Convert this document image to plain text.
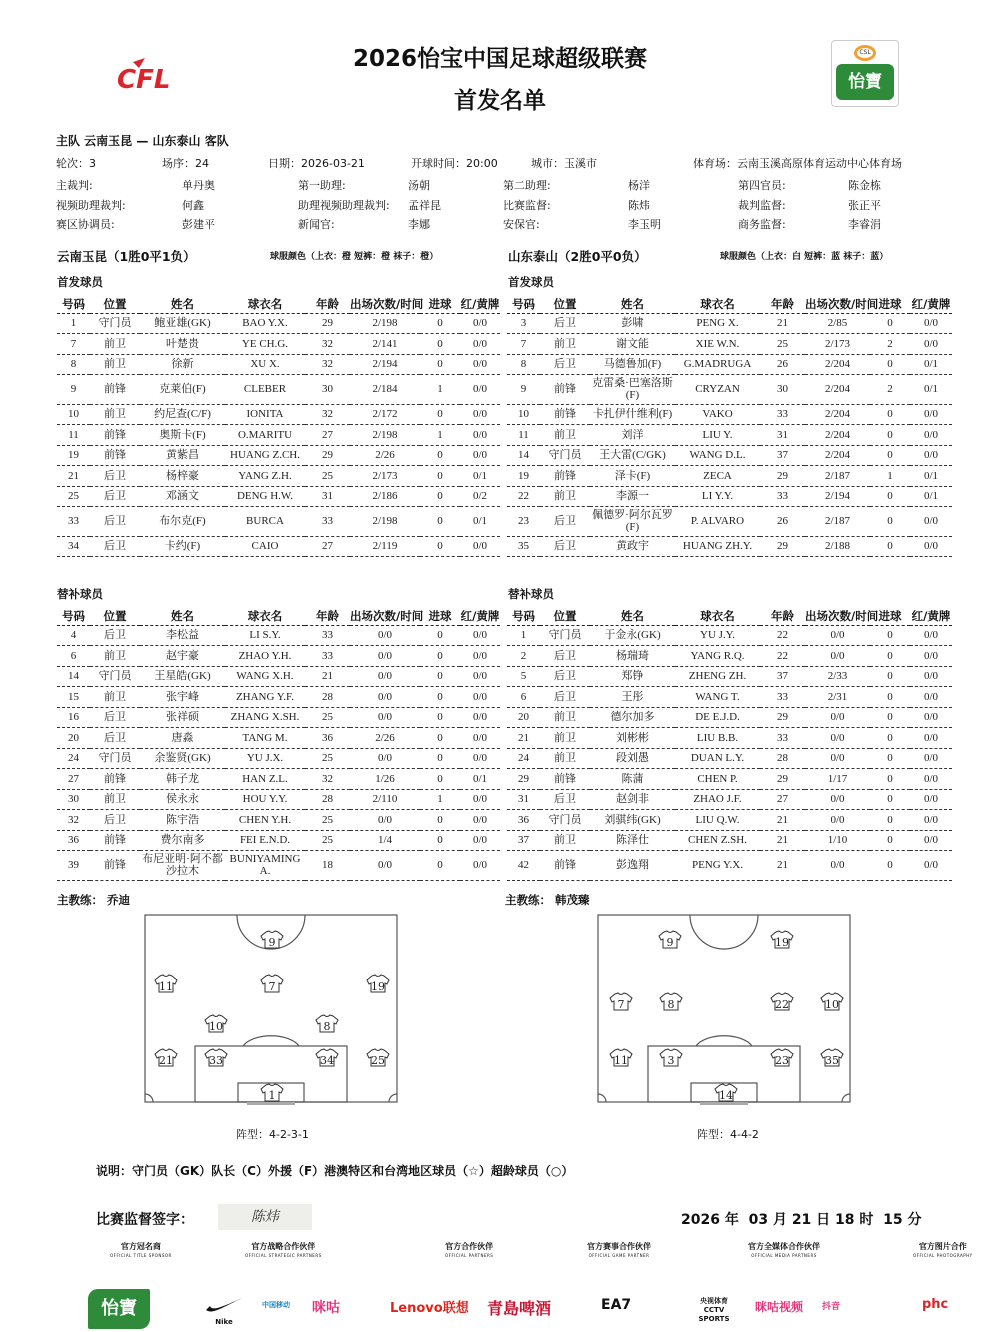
CFL
2026怡宝中国足球超级联赛
首发名单
CSL
怡寶
主队 云南玉昆 — 山东泰山 客队
轮次：3	场序：24	日期：2026-03-21	开球时间：20:00	城市：玉溪市	体育场：云南玉溪高原体育运动中心体育场
主裁判:	单丹奥	第一助理:	汤朝	第二助理:	杨洋	第四官员:	陈金栋
视频助理裁判:	何鑫	助理视频助理裁判: 孟祥昆	比赛监督:	陈炜	裁判监督:	张正平
赛区协调员:	彭建平	新闻官:	李娜	安保官:	李玉明	商务监督:	李睿涓
云南玉昆（1胜0平1负）	球服颜色（上衣：橙 短裤：橙 袜子：橙）	山东泰山（2胜0平0负）	球服颜色（上衣：白 短裤：蓝 袜子：蓝）
首发球员	首发球员
替补球员	替补球员
号码	位置	姓名	球衣名	年龄	出场次数/时间	进球	红/黄牌
1	守门员	鲍亚雄(GK)	BAO Y.X.	29	2/198	0	0/0
7	前卫	叶楚贵	YE CH.G.	32	2/141	0	0/0
8	前卫	徐新	XU X.	32	2/194	0	0/0
9	前锋	克莱伯(F)	CLEBER	30	2/184	1	0/0
10	前卫	约尼查(C/F)	IONITA	32	2/172	0	0/0
11	前锋	奥斯卡(F)	O.MARITU	27	2/198	1	0/0
19	前锋	黄紫昌	HUANG Z.CH.	29	2/26	0	0/0
21	后卫	杨梓豪	YANG Z.H.	25	2/173	0	0/1
25	后卫	邓涵文	DENG H.W.	31	2/186	0	0/2
33	后卫	布尔克(F)	BURCA	33	2/198	0	0/1
34	后卫	卡约(F)	CAIO	27	2/119	0	0/0
号码	位置	姓名	球衣名	年龄	出场次数/时间	进球	红/黄牌
3	后卫	彭啸	PENG X.	21	2/85	0	0/0
7	前卫	谢文能	XIE W.N.	25	2/173	2	0/0
8	后卫	马德鲁加(F)	G.MADRUGA	26	2/204	0	0/1
9	前锋	克雷桑·巴塞洛斯(F)	CRYZAN	30	2/204	2	0/1
10	前锋	卡扎伊什维利(F)	VAKO	33	2/204	0	0/0
11	前卫	刘洋	LIU Y.	31	2/204	0	0/0
14	守门员	王大雷(C/GK)	WANG D.L.	37	2/204	0	0/0
19	前锋	泽卡(F)	ZECA	29	2/187	1	0/1
22	前卫	李源一	LI Y.Y.	33	2/194	0	0/1
23	后卫	佩德罗·阿尔瓦罗(F)	P. ALVARO	26	2/187	0	0/0
35	后卫	黄政宇	HUANG ZH.Y.	29	2/188	0	0/0
号码	位置	姓名	球衣名	年龄	出场次数/时间	进球	红/黄牌
4	后卫	李松益	LI S.Y.	33	0/0	0	0/0
6	前卫	赵宇豪	ZHAO Y.H.	33	0/0	0	0/0
14	守门员	王星皓(GK)	WANG X.H.	21	0/0	0	0/0
15	前卫	张宇峰	ZHANG Y.F.	28	0/0	0	0/0
16	后卫	张祥硕	ZHANG X.SH.	25	0/0	0	0/0
20	后卫	唐淼	TANG M.	36	2/26	0	0/0
24	守门员	余鉴贤(GK)	YU J.X.	25	0/0	0	0/0
27	前锋	韩子龙	HAN Z.L.	32	1/26	0	0/1
30	前卫	侯永永	HOU Y.Y.	28	2/110	1	0/0
32	后卫	陈宇浩	CHEN Y.H.	25	0/0	0	0/0
36	前锋	费尔南多	FEI E.N.D.	25	1/4	0	0/0
39	前锋	布尼亚明·阿不都沙拉木	BUNIYAMING A.	18	0/0	0	0/0
号码	位置	姓名	球衣名	年龄	出场次数/时间	进球	红/黄牌
1	守门员	于金永(GK)	YU J.Y.	22	0/0	0	0/0
2	后卫	杨瑞琦	YANG R.Q.	22	0/0	0	0/0
5	后卫	郑铮	ZHENG ZH.	37	2/33	0	0/0
6	后卫	王彤	WANG T.	33	2/31	0	0/0
20	前卫	德尔加多	DE E.J.D.	29	0/0	0	0/0
21	前卫	刘彬彬	LIU B.B.	33	0/0	0	0/0
24	前卫	段刘愚	DUAN L.Y.	28	0/0	0	0/0
29	前锋	陈蒲	CHEN P.	29	1/17	0	0/0
31	后卫	赵剑非	ZHAO J.F.	27	0/0	0	0/0
36	守门员	刘骐纬(GK)	LIU Q.W.	21	0/0	0	0/0
37	前卫	陈泽仕	CHEN Z.SH.	21	1/10	0	0/0
42	前锋	彭逸翔	PENG Y.X.	21	0/0	0	0/0
主教练： 乔迪	主教练： 韩茂臻
9
11	7	19
10	8
21	33	34	25
1
9	19
7	8	22	10
11	3	23	35
14
阵型：4-2-3-1	阵型：4-4-2
说明：守门员（GK）队长（C）外援（F）港澳特区和台湾地区球员（☆）超龄球员（○）
比赛监督签字：	陈炜	2026 年  03 月 21 日 18 时  15 分
官方冠名商
OFFICIAL TITLE SPONSOR
官方战略合作伙伴
OFFICIAL STRATEGIC PARTNERS
官方合作伙伴
OFFICIAL PARTNERS
官方赛事合作伙伴
OFFICIAL GAME PARTNER
官方全媒体合作伙伴
OFFICIAL MEDIA PARTNERS
官方图片合作
OFFICIAL PHOTOGRAPHY
怡寶
Nike
中国移动 咪咕	Lenovo联想 青島啤酒	EA7	央视体育 CCTV SPORTS
咪咕视频 抖音	phc
